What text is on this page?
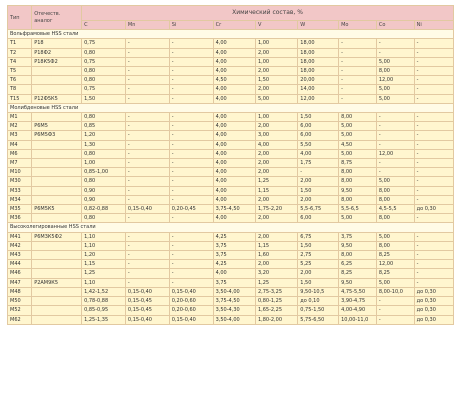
Тип	Отечеств. аналог	Химический состав, %								
		C	Mn	Si	Cr	V	W	Mo	Co	Ni
Вольфрамовые HSS стали										
T1	P18	0,75	-	-	4,00	1,00	18,00	-	-	-
T2	P18Ф2	0,80	-	-	4,00	2,00	18,00	-	-	-
T4	P18К5Ф2	0,75	-	-	4,00	1,00	18,00	-	5,00	-
T5		0,80	-	-	4,00	2,00	18,00	-	8,00	-
T6		0,80	-	-	4,50	1,50	20,00	-	12,00	-
T8		0,75	-	-	4,00	2,00	14,00	-	5,00	-
T15	P12Ф5К5	1,50	-	-	4,00	5,00	12,00	-	5,00	-
Молибденовые HSS стали										
M1		0,80	-	-	4,00	1,00	1,50	8,00	-	-
M2	P6M5	0,85	-	-	4,00	2,00	6,00	5,00	-	-
M3	P6M5Ф3	1,20	-	-	4,00	3,00	6,00	5,00	-	-
M4		1,30	-	-	4,00	4,00	5,50	4,50	-	-
M6		0,80	-	-	4,00	2,00	4,00	5,00	12,00	-
M7		1,00	-	-	4,00	2,00	1,75	8,75	-	-
M10		0,85-1,00	-	-	4,00	2,00	-	8,00	-	-
M30		0,80	-	-	4,00	1,25	2,00	8,00	5,00	-
M33		0,90	-	-	4,00	1,15	1,50	9,50	8,00	-
M34		0,90	-	-	4,00	2,00	2,00	8,00	8,00	-
M35	P6M5К5	0,82-0,88	0,15-0,40	0,20-0,45	3,75-4,50	1,75-2,20	5,5-6,75	5,5-6,5	4,5-5,5	до 0,30
M36		0,80	-	-	4,00	2,00	6,00	5,00	8,00	-
Высоколегированные HSS стали										
M41	P6M3К5Ф2	1,10	-	-	4,25	2,00	6,75	3,75	5,00	-
M42		1,10	-	-	3,75	1,15	1,50	9,50	8,00	-
M43		1,20	-	-	3,75	1,60	2,75	8,00	8,25	-
M44		1,15	-	-	4,25	2,00	5,25	6,25	12,00	-
M46		1,25	-	-	4,00	3,20	2,00	8,25	8,25	-
M47	P2AM9К5	1,10	-	-	3,75	1,25	1,50	9,50	5,00	-
M48		1,42-1,52	0,15-0,40	0,15-0,40	3,50-4,00	2,75-3,25	9,50-10,5	4,75-5,50	8,00-10,0	до 0,30
M50		0,78-0,88	0,15-0,45	0,20-0,60	3,75-4,50	0,80-1,25	до 0,10	3,90-4,75	-	до 0,30
M52		0,85-0,95	0,15-0,45	0,20-0,60	3,50-4,30	1,65-2,25	0,75-1,50	4,00-4,90	-	до 0,30
M62		1,25-1,35	0,15-0,40	0,15-0,40	3,50-4,00	1,80-2,00	5,75-6,50	10,00-11,0	-	до 0,30
